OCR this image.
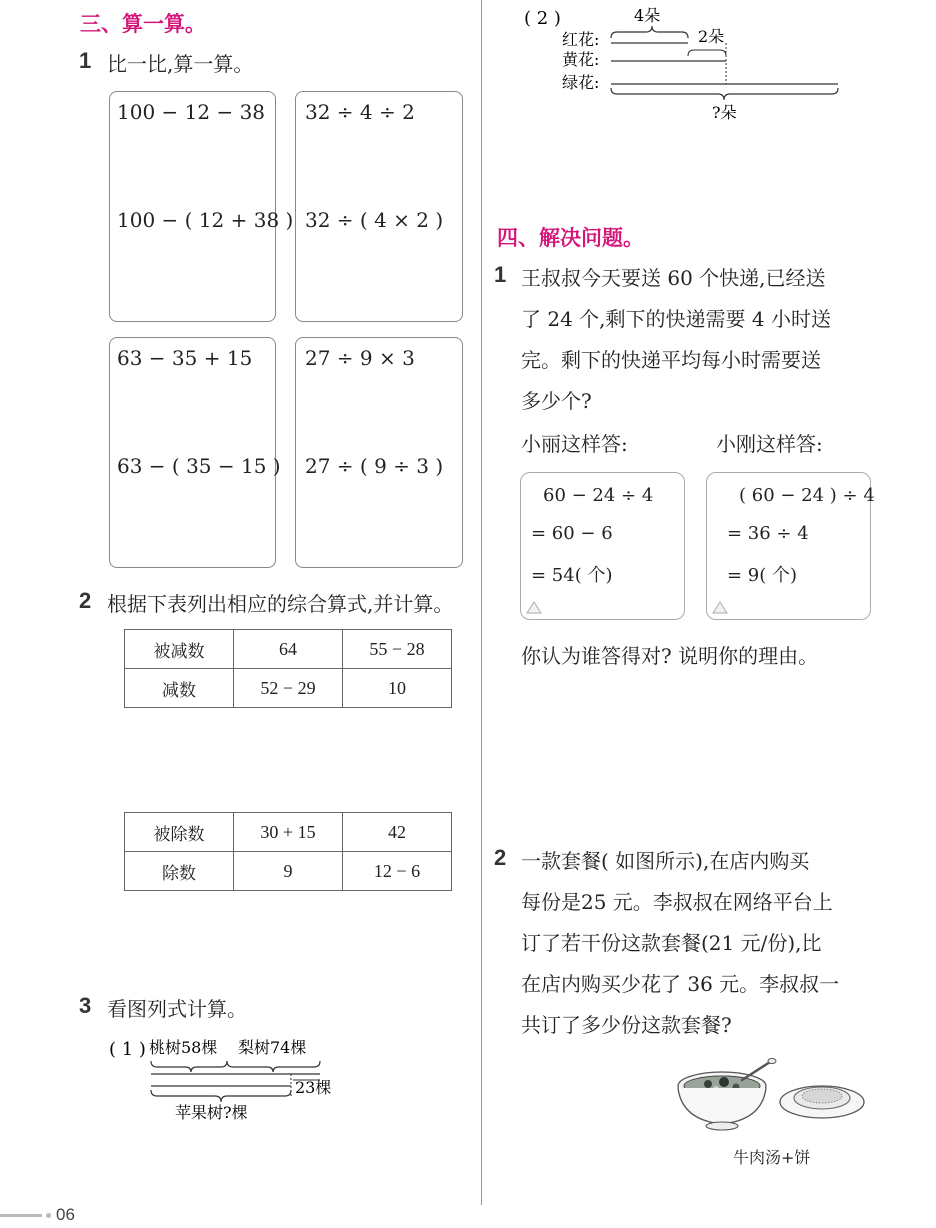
三、算一算。
1 比一比,算一算。
100 − 12 − 38
100 − ( 12 + 38 )
32 ÷ 4 ÷ 2
32 ÷ ( 4 × 2 )
63 − 35 + 15
63 − ( 35 − 15 )
27 ÷ 9 × 3
27 ÷ ( 9 ÷ 3 )
2 根据下表列出相应的综合算式,并计算。
被减数	64	55 − 28
减数	52 − 29	10
被除数	30 + 15	42
除数	9	12 − 6
3 看图列式计算。
( 1 ) 桃树58棵 梨树74棵
23棵
苹果树?棵
( 2 )	4朵
2朵
红花:
黄花:
绿花:
?朵
四、解决问题。
1 王叔叔今天要送 60 个快递,已经送
了 24 个,剩下的快递需要 4 小时送
完。剩下的快递平均每小时需要送
多少个?
小丽这样答:	小刚这样答:
60 − 24 ÷ 4
= 60 − 6
= 54( 个)
( 60 − 24 ) ÷ 4
= 36 ÷ 4
= 9( 个)
你认为谁答得对? 说明你的理由。
2 一款套餐( 如图所示),在店内购买
每份是25 元。李叔叔在网络平台上
订了若干份这款套餐(21 元/份),比
在店内购买少花了 36 元。李叔叔一
共订了多少份这款套餐?
牛肉汤+饼
06
